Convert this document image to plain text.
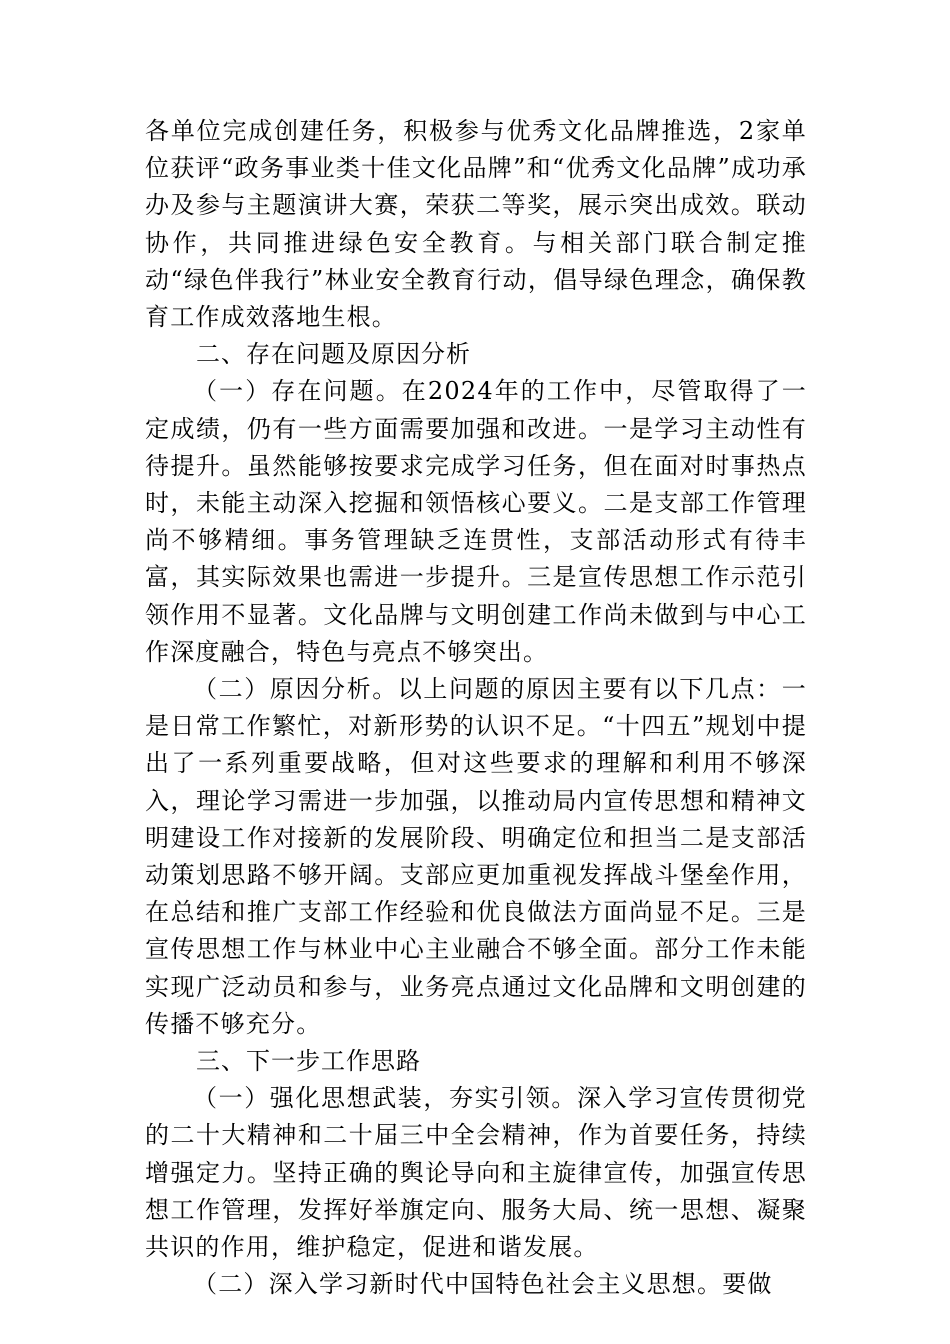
各单位完成创建任务，积极参与优秀文化品牌推选，2家单位获评“政务事业类十佳文化品牌”和“优秀文化品牌”成功承办及参与主题演讲大赛，荣获二等奖，展示突出成效。联动协作，共同推进绿色安全教育。与相关部门联合制定推动“绿色伴我行”林业安全教育行动，倡导绿色理念，确保教育工作成效落地生根。

二、存在问题及原因分析

（一）存在问题。在2024年的工作中，尽管取得了一定成绩，仍有一些方面需要加强和改进。一是学习主动性有待提升。虽然能够按要求完成学习任务，但在面对时事热点时，未能主动深入挖掘和领悟核心要义。二是支部工作管理尚不够精细。事务管理缺乏连贯性，支部活动形式有待丰富，其实际效果也需进一步提升。三是宣传思想工作示范引领作用不显著。文化品牌与文明创建工作尚未做到与中心工作深度融合，特色与亮点不够突出。

（二）原因分析。以上问题的原因主要有以下几点：一是日常工作繁忙，对新形势的认识不足。“十四五”规划中提出了一系列重要战略，但对这些要求的理解和利用不够深入，理论学习需进一步加强，以推动局内宣传思想和精神文明建设工作对接新的发展阶段、明确定位和担当二是支部活动策划思路不够开阔。支部应更加重视发挥战斗堡垒作用，在总结和推广支部工作经验和优良做法方面尚显不足。三是宣传思想工作与林业中心主业融合不够全面。部分工作未能实现广泛动员和参与，业务亮点通过文化品牌和文明创建的传播不够充分。

三、下一步工作思路

（一）强化思想武装，夯实引领。深入学习宣传贯彻党的二十大精神和二十届三中全会精神，作为首要任务，持续增强定力。坚持正确的舆论导向和主旋律宣传，加强宣传思想工作管理，发挥好举旗定向、服务大局、统一思想、凝聚共识的作用，维护稳定，促进和谐发展。

（二）深入学习新时代中国特色社会主义思想。要做
